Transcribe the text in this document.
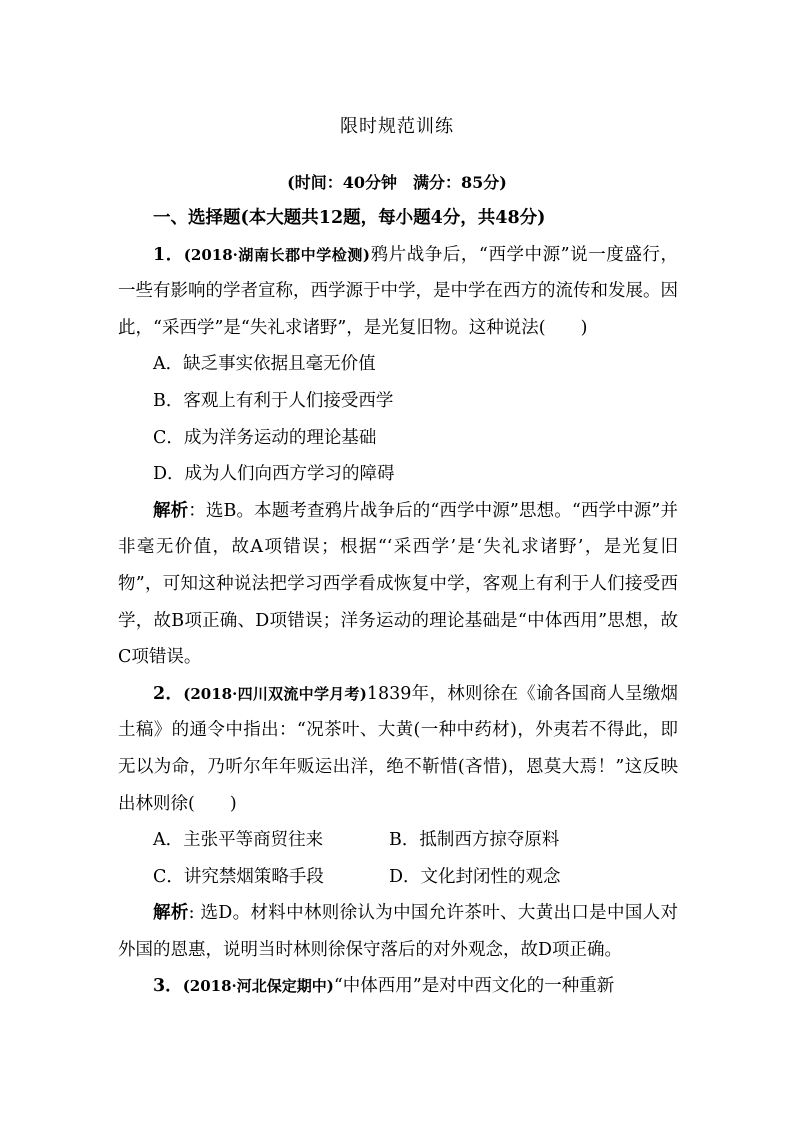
限时规范训练
(时间：40分钟　满分：85分)

一、选择题(本大题共12题，每小题4分，共48分)

1．(2018·湖南长郡中学检测)鸦片战争后，“西学中源”说一度盛行，一些有影响的学者宣称，西学源于中学，是中学在西方的流传和发展。因此，“采西学”是“失礼求诸野”，是光复旧物。这种说法(　　)

A．缺乏事实依据且毫无价值

B．客观上有利于人们接受西学

C．成为洋务运动的理论基础

D．成为人们向西方学习的障碍

解析：选B。本题考查鸦片战争后的“西学中源”思想。“西学中源”并非毫无价值，故A项错误；根据“‘采西学’是‘失礼求诸野’，是光复旧物”，可知这种说法把学习西学看成恢复中学，客观上有利于人们接受西学，故B项正确、D项错误；洋务运动的理论基础是“中体西用”思想，故C项错误。

2．(2018·四川双流中学月考)1839年，林则徐在《谕各国商人呈缴烟土稿》的通令中指出：“况茶叶、大黄(一种中药材)，外夷若不得此，即无以为命，乃听尔年年贩运出洋，绝不靳惜(吝惜)，恩莫大焉！”这反映出林则徐(　　)

A．主张平等商贸往来	B．抵制西方掠夺原料
C．讲究禁烟策略手段	D．文化封闭性的观念

解析: 选D。材料中林则徐认为中国允许茶叶、大黄出口是中国人对外国的恩惠，说明当时林则徐保守落后的对外观念，故D项正确。

3．(2018·河北保定期中)“中体西用”是对中西文化的一种重新
